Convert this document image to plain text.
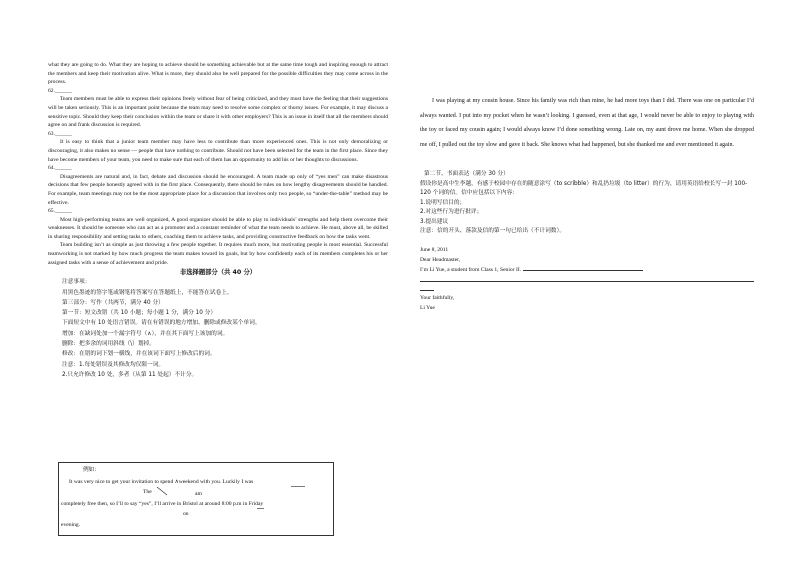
what they are going to do. What they are hoping to achieve should be something achievable but at the same time tough and inspiring enough to attract the members and keep their motivation alive. What is more, they should also be well prepared for the possible difficulties they may come across in the process.

62.______

Team members must be able to express their opinions freely without fear of being criticized, and they must have the feeling that their suggestions will be taken seriously. This is an important point because the team may need to resolve some complex or thorny issues. For example, it may discuss a sensitive topic. Should they keep their conclusion within the team or share it with other employers? This is an issue in itself that all the members should agree on and frank discussion is required.

63.______

It is easy to think that a junior team member may have less to contribute than more experienced ones. This is not only demoralizing or discouraging, it also makes no sense — people that have nothing to contribute. Should not have been selected for the team in the first place. Since they have become members of your team, you need to make sure that each of them has an opportunity to add his or her thoughts to discussions.

64.______

Disagreements are natural and, in fact, debate and discussion should be encouraged. A team made up only of “yes men” can make disastrous decisions that few people honestly agreed with in the first place. Consequently, there should be rules on how lengthy disagreements should be handled. For example, team meetings may not be the most appropriate place for a discussion that involves only two people, so “under-the-table” method may be effective.

65.______

Most high-performing teams are well organized, A good organizer should be able to play to individuals’ strengths and help them overcome their weaknesses. It should be someone who can act as a promoter and a constant reminder of what the team needs to achieve. He must, above all, be skilled in sharing responsibility and setting tasks to others, coaching them to achieve tasks, and providing constructive feedback on how the tasks went.

Team building isn’t as simple as just throwing a few people together. It requires much more, but motivating people is most essential. Successful teamworking is not marked by how much progress the team makes toward its goals, but by how confidently each of its members completes his or her assigned tasks with a sense of achievement and pride.

非选择题部分（共 40 分）

注意事项：

用黑色墨迹的签字笔或钢笔将答案写在答题纸上，不能答在试卷上。

第三部分：写作（共两节，满分 40 分）

第一节：短文改错（共 10 小题；每小题 1 分，满分 10 分）

下面短文中有 10 处语言错误。请在有错误的地方增加、删除或修改某个单词。

增加：在缺词处加一个漏字符号（∧），并在其下面写上该加的词。

删除：把多余的词用斜线（\）划掉。

修改：在错的词下划一横线，并在该词下面写上修改后的词。

注意：1.每处错误及其修改均仅限一词。

2.只允许修改 10 处，多者（从第 11 处起）不计分。

例如：
It was very nice to get your invitation to spend ∧weekend with you. Luckily I was
The	am
completely free then, so I’ll to say “yes”, I’ll arrive in Bristol at around 8:00 p.m in Friday
on
evening.

I was playing at my cousin house. Since his family was rich than mine, he had more toys than I did. There was one on particular I’d always wanted. I put into my pocket when he wasn’t looking. I guessed, even at that age, I would never be able to enjoy to playing with the toy or faced my cousin again; I would always know I’d done something wrong. Late on, my aunt drove me home. When she dropped me off, I pulled out the toy slow and gave it back. She knows what had happened, but she thanked me and ever mentioned it again.

第二节、书面表达（满分 30 分）

假设你是高中生李越，有感于校园中存在的随意涂写（to scribble）和乱扔垃圾（to litter）的行为，请用英语给校长写一封 100-120 个词的信。信中应包括以下内容：

1.说明写信目的；

2.对这些行为进行批评；

3.提出建议

注意：信的开头、落款及信的第一句已给出（不计词数）。

June 8, 2011

Dear Headmaster,

I’m Li Yue, a student from Class 1, Senior II.

Your faithfully,

Li Yue
